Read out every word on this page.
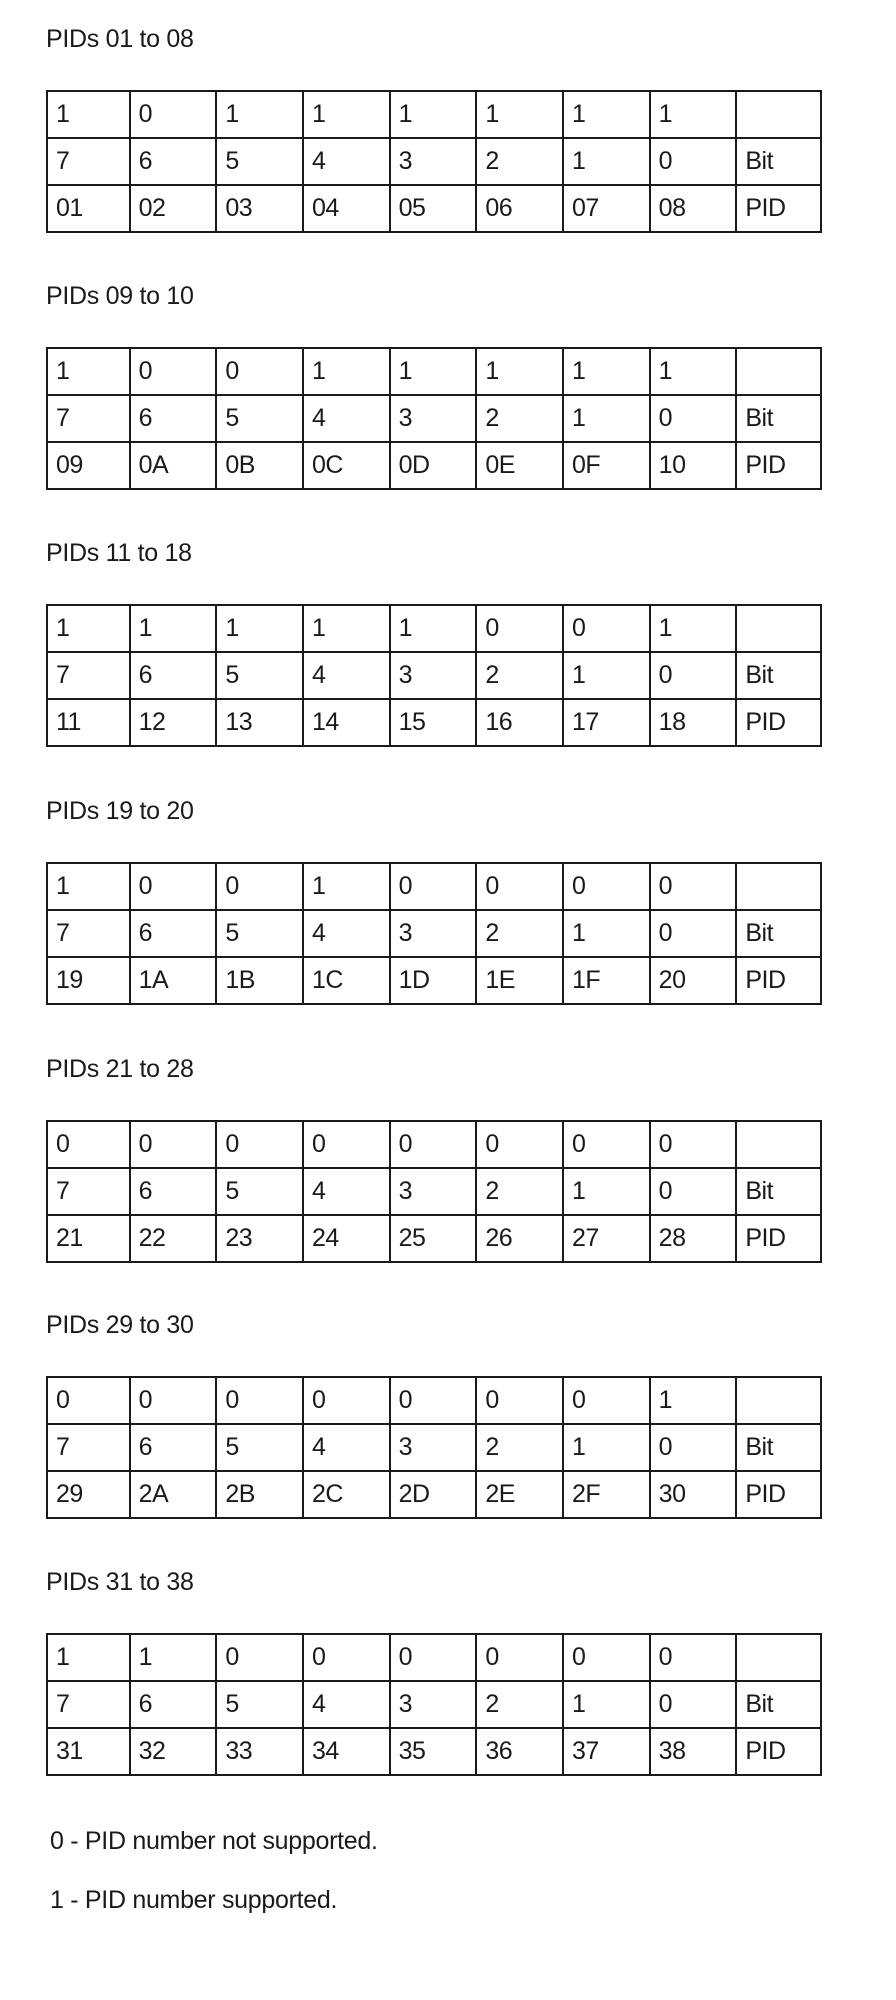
PIDs 01 to 08
1	0	1	1	1	1	1	1	
7	6	5	4	3	2	1	0	Bit
01	02	03	04	05	06	07	08	PID
PIDs 09 to 10
1	0	0	1	1	1	1	1	
7	6	5	4	3	2	1	0	Bit
09	0A	0B	0C	0D	0E	0F	10	PID
PIDs 11 to 18
1	1	1	1	1	0	0	1	
7	6	5	4	3	2	1	0	Bit
11	12	13	14	15	16	17	18	PID
PIDs 19 to 20
1	0	0	1	0	0	0	0	
7	6	5	4	3	2	1	0	Bit
19	1A	1B	1C	1D	1E	1F	20	PID
PIDs 21 to 28
0	0	0	0	0	0	0	0	
7	6	5	4	3	2	1	0	Bit
21	22	23	24	25	26	27	28	PID
PIDs 29 to 30
0	0	0	0	0	0	0	1	
7	6	5	4	3	2	1	0	Bit
29	2A	2B	2C	2D	2E	2F	30	PID
PIDs 31 to 38
1	1	0	0	0	0	0	0	
7	6	5	4	3	2	1	0	Bit
31	32	33	34	35	36	37	38	PID
0 - PID number not supported.
1 - PID number supported.
